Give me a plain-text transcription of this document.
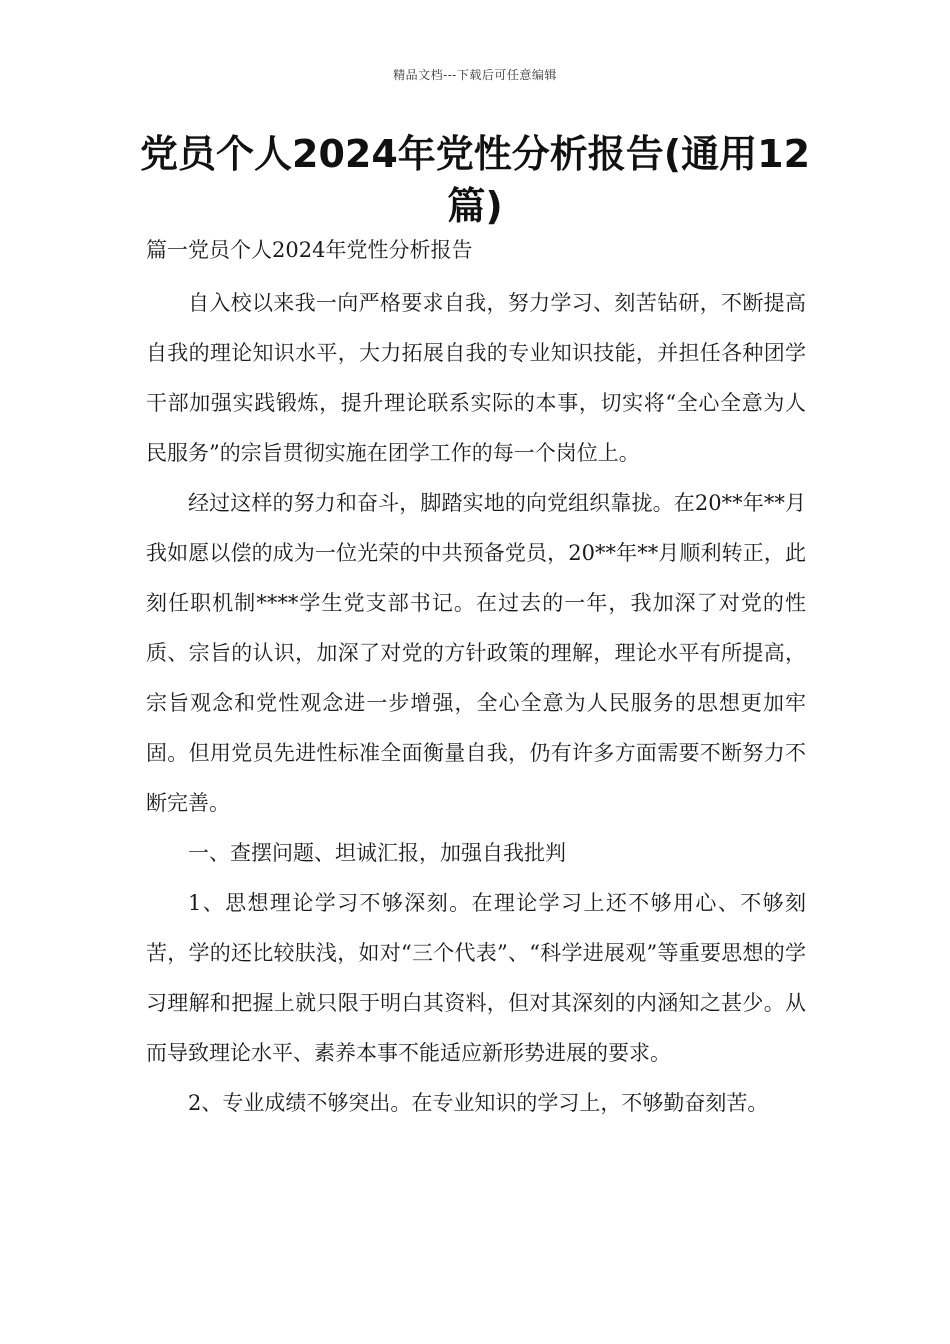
精品文档---下载后可任意编辑
党员个人2024年党性分析报告(通用12篇)

篇一党员个人2024年党性分析报告

自入校以来我一向严格要求自我，努力学习、刻苦钻研，不断提高自我的理论知识水平，大力拓展自我的专业知识技能，并担任各种团学干部加强实践锻炼，提升理论联系实际的本事，切实将“全心全意为人民服务”的宗旨贯彻实施在团学工作的每一个岗位上。

经过这样的努力和奋斗，脚踏实地的向党组织靠拢。在20**年**月我如愿以偿的成为一位光荣的中共预备党员，20**年**月顺利转正，此刻任职机制****学生党支部书记。在过去的一年，我加深了对党的性质、宗旨的认识，加深了对党的方针政策的理解，理论水平有所提高，宗旨观念和党性观念进一步增强，全心全意为人民服务的思想更加牢固。但用党员先进性标准全面衡量自我，仍有许多方面需要不断努力不断完善。

一、查摆问题、坦诚汇报，加强自我批判

1、思想理论学习不够深刻。在理论学习上还不够用心、不够刻苦，学的还比较肤浅，如对“三个代表”、“科学进展观”等重要思想的学习理解和把握上就只限于明白其资料，但对其深刻的内涵知之甚少。从而导致理论水平、素养本事不能适应新形势进展的要求。

2、专业成绩不够突出。在专业知识的学习上，不够勤奋刻苦。
